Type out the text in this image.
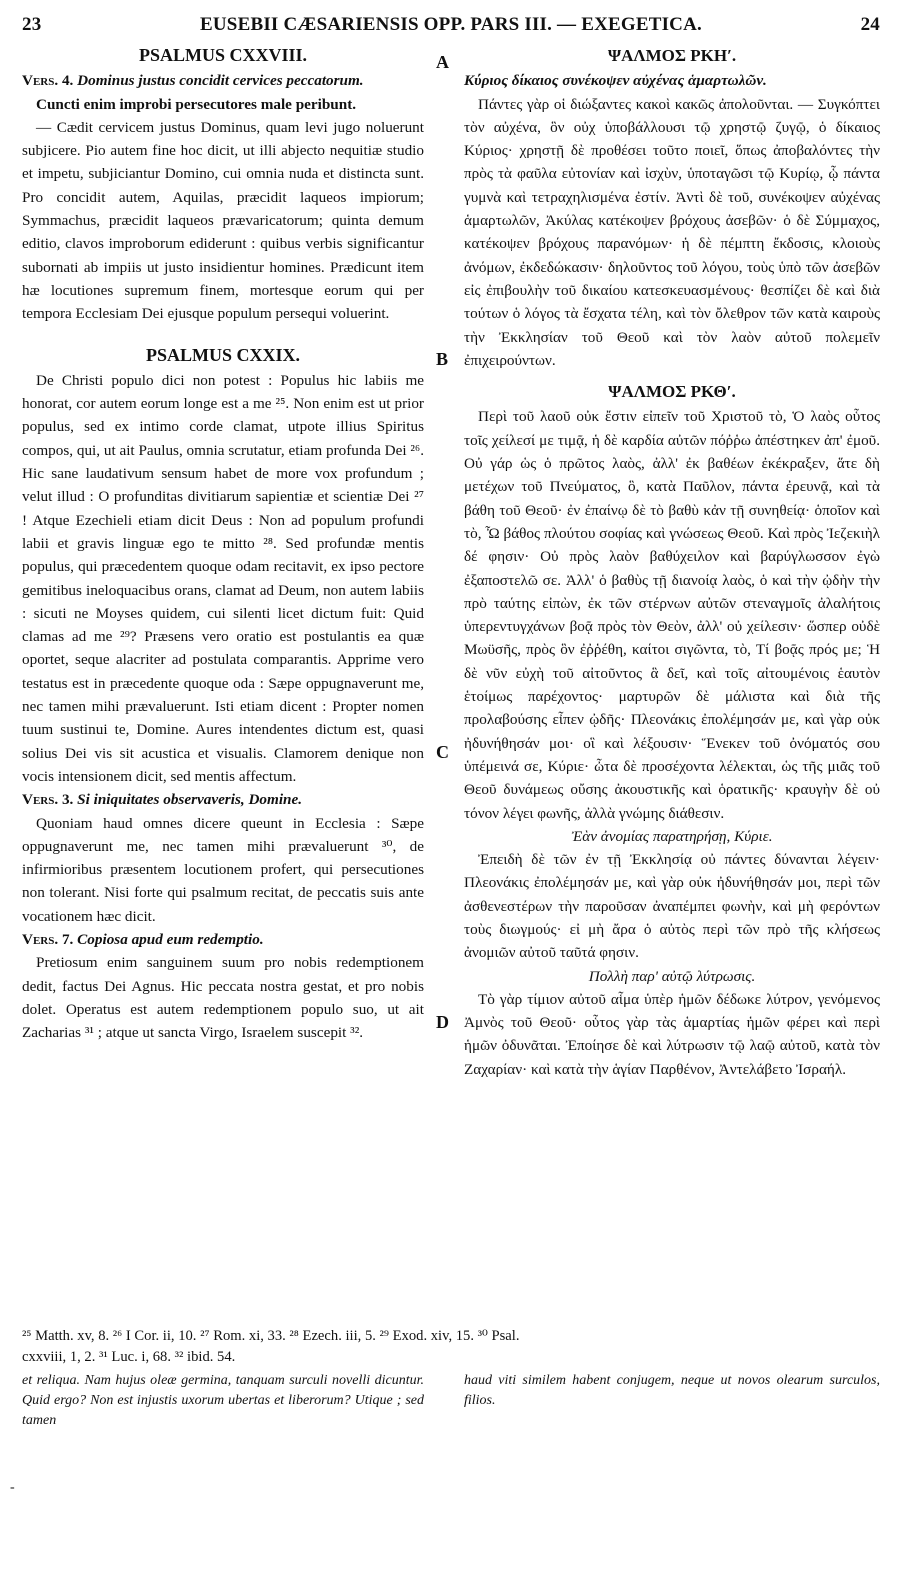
23	EUSEBII CÆSARIENSIS OPP. PARS III. — EXEGETICA.	24
A
B
C
D
PSALMUS CXXVIII.

Vers. 4. Dominus justus concidit cervices peccatorum.

Cuncti enim improbi persecutores male peribunt.

— Cædit cervicem justus Dominus, quam levi jugo noluerunt subjicere. Pio autem fine hoc dicit, ut illi abjecto nequitiæ studio et impetu, subjiciantur Domino, cui omnia nuda et distincta sunt. Pro concidit autem, Aquilas, præcidit laqueos impiorum; Symmachus, præcidit laqueos prævaricatorum; quinta demum editio, clavos improborum ediderunt : quibus verbis significantur subornati ab impiis ut justo insidientur homines. Prædicunt item hæ locutiones supremum finem, mortesque eorum qui per tempora Ecclesiam Dei ejusque populum persequi voluerint.

PSALMUS CXXIX.

De Christi populo dici non potest : Populus hic labiis me honorat, cor autem eorum longe est a me ²⁵. Non enim est ut prior populus, sed ex intimo corde clamat, utpote illius Spiritus compos, qui, ut ait Paulus, omnia scrutatur, etiam profunda Dei ²⁶. Hic sane laudativum sensum habet de more vox profundum ; velut illud : O profunditas divitiarum sapientiæ et scientiæ Dei ²⁷ ! Atque Ezechieli etiam dicit Deus : Non ad populum profundi labii et gravis linguæ ego te mitto ²⁸. Sed profundæ mentis populus, qui præcedentem quoque odam recitavit, ex ipso pectore gemitibus ineloquacibus orans, clamat ad Deum, non autem labiis : sicuti ne Moyses quidem, cui silenti licet dictum fuit: Quid clamas ad me ²⁹? Præsens vero oratio est postulantis ea quæ oportet, seque alacriter ad postulata comparantis. Apprime vero testatus est in præcedente quoque oda : Sæpe oppugnaverunt me, nec tamen mihi prævaluerunt. Isti etiam dicent : Propter nomen tuum sustinui te, Domine. Aures intendentes dictum est, quasi solius Dei vis sit acustica et visualis. Clamorem denique non vocis intensionem dicit, sed mentis affectum.

Vers. 3. Si iniquitates observaveris, Domine.

Quoniam haud omnes dicere queunt in Ecclesia : Sæpe oppugnaverunt me, nec tamen mihi prævaluerunt ³⁰, de infirmioribus præsentem locutionem profert, qui persecutiones non tolerant. Nisi forte qui psalmum recitat, de peccatis suis ante vocationem hæc dicit.

Vers. 7. Copiosa apud eum redemptio.

Pretiosum enim sanguinem suum pro nobis redemptionem dedit, factus Dei Agnus. Hic peccata nostra gestat, et pro nobis dolet. Operatus est autem redemptionem populo suo, ut ait Zacharias ³¹ ; atque ut sancta Virgo, Israelem suscepit ³².

ΨΑΛΜΟΣ ΡΚΗʹ.

Κύριος δίκαιος συνέκοψεν αὐχένας ἁμαρτωλῶν.

Πάντες γὰρ οἱ διώξαντες κακοὶ κακῶς ἀπολοῦνται. — Συγκόπτει τὸν αὐχένα, ὃν οὐχ ὑποβάλλουσι τῷ χρηστῷ ζυγῷ, ὁ δίκαιος Κύριος· χρηστῇ δὲ προθέσει τοῦτο ποιεῖ, ὅπως ἀποβαλόντες τὴν πρὸς τὰ φαῦλα εὐτονίαν καὶ ἰσχὺν, ὑποταγῶσι τῷ Κυρίῳ, ᾧ πάντα γυμνὰ καὶ τετραχηλισμένα ἐστίν. Ἀντὶ δὲ τοῦ, συνέκοψεν αὐχένας ἁμαρτωλῶν, Ἀκύλας κατέκοψεν βρόχους ἀσεβῶν· ὁ δὲ Σύμμαχος, κατέκοψεν βρόχους παρανόμων· ἡ δὲ πέμπτη ἔκδοσις, κλοιοὺς ἀνόμων, ἐκδεδώκασιν· δηλοῦντος τοῦ λόγου, τοὺς ὑπὸ τῶν ἀσεβῶν εἰς ἐπιβουλὴν τοῦ δικαίου κατεσκευασμένους· θεσπίζει δὲ καὶ διὰ τούτων ὁ λόγος τὰ ἔσχατα τέλη, καὶ τὸν ὄλεθρον τῶν κατὰ καιροὺς τὴν Ἐκκλησίαν τοῦ Θεοῦ καὶ τὸν λαὸν αὐτοῦ πολεμεῖν ἐπιχειρούντων.

ΨΑΛΜΟΣ ΡΚΘʹ.

Περὶ τοῦ λαοῦ οὐκ ἔστιν εἰπεῖν τοῦ Χριστοῦ τὸ, Ὁ λαὸς οὗτος τοῖς χείλεσί με τιμᾷ, ἡ δὲ καρδία αὐτῶν πόῤῥω ἀπέστηκεν ἀπ' ἐμοῦ. Οὐ γάρ ὡς ὁ πρῶτος λαὸς, ἀλλ' ἐκ βαθέων ἐκέκραξεν, ἅτε δὴ μετέχων τοῦ Πνεύματος, ὃ, κατὰ Παῦλον, πάντα ἐρευνᾷ, καὶ τὰ βάθη τοῦ Θεοῦ· ἐν ἐπαίνῳ δὲ τὸ βαθὺ κἀν τῇ συνηθείᾳ· ὁποῖον καὶ τὸ, Ὦ βάθος πλούτου σοφίας καὶ γνώσεως Θεοῦ. Καὶ πρὸς Ἰεζεκιὴλ δέ φησιν· Οὐ πρὸς λαὸν βαθύχειλον καὶ βαρύγλωσσον ἐγὼ ἐξαποστελῶ σε. Ἀλλ' ὁ βαθὺς τῇ διανοίᾳ λαὸς, ὁ καὶ τὴν ᾠδὴν τὴν πρὸ ταύτης εἰπὼν, ἐκ τῶν στέρνων αὐτῶν στεναγμοῖς ἀλαλήτοις ὑπερεντυγχάνων βοᾷ πρὸς τὸν Θεὸν, ἀλλ' οὐ χείλεσιν· ὥσπερ οὐδὲ Μωϋσῆς, πρὸς ὃν ἐῤῥέθη, καίτοι σιγῶντα, τὸ, Τί βοᾷς πρός με; Ἡ δὲ νῦν εὐχὴ τοῦ αἰτοῦντος ἃ δεῖ, καὶ τοῖς αἰτουμένοις ἑαυτὸν ἑτοίμως παρέχοντος· μαρτυρῶν δὲ μάλιστα καὶ διὰ τῆς προλαβούσης εἶπεν ᾠδῆς· Πλεονάκις ἐπολέμησάν με, καὶ γὰρ οὐκ ἠδυνήθησάν μοι· οἳ καὶ λέξουσιν· Ἕνεκεν τοῦ ὀνόματός σου ὑπέμεινά σε, Κύριε· ὦτα δὲ προσέχοντα λέλεκται, ὡς τῆς μιᾶς τοῦ Θεοῦ δυνάμεως οὔσης ἀκουστικῆς καὶ ὁρατικῆς· κραυγὴν δὲ οὐ τόνον λέγει φωνῆς, ἀλλὰ γνώμης διάθεσιν.

Ἐὰν ἀνομίας παρατηρήσῃ, Κύριε.

Ἐπειδὴ δὲ τῶν ἐν τῇ Ἐκκλησίᾳ οὐ πάντες δύνανται λέγειν· Πλεονάκις ἐπολέμησάν με, καὶ γὰρ οὐκ ἠδυνήθησάν μοι, περὶ τῶν ἀσθενεστέρων τὴν παροῦσαν ἀναπέμπει φωνὴν, καὶ μὴ φερόντων τοὺς διωγμούς· εἰ μὴ ἄρα ὁ αὐτὸς περὶ τῶν πρὸ τῆς κλήσεως ἀνομιῶν αὐτοῦ ταῦτά φησιν.

Πολλὴ παρ' αὐτῷ λύτρωσις.

Τὸ γὰρ τίμιον αὐτοῦ αἷμα ὑπὲρ ἡμῶν δέδωκε λύτρον, γενόμενος Ἀμνὸς τοῦ Θεοῦ· οὗτος γὰρ τὰς ἁμαρτίας ἡμῶν φέρει καὶ περὶ ἡμῶν ὀδυνᾶται. Ἐποίησε δὲ καὶ λύτρωσιν τῷ λαῷ αὐτοῦ, κατὰ τὸν Ζαχαρίαν· καὶ κατὰ τὴν ἁγίαν Παρθένον, Ἀντελάβετο Ἰσραήλ.

²⁵ Matth. xv, 8. ²⁶ I Cor. ii, 10. ²⁷ Rom. xi, 33. ²⁸ Ezech. iii, 5. ²⁹ Exod. xiv, 15. ³⁰ Psal.
cxxviii, 1, 2. ³¹ Luc. i, 68. ³² ibid. 54.
et reliqua. Nam hujus oleæ germina, tanquam surculi novelli dicuntur. Quid ergo? Non est injustis uxorum ubertas et liberorum? Utique ; sed tamen
haud viti similem habent conjugem, neque ut novos olearum surculos, filios.
-
